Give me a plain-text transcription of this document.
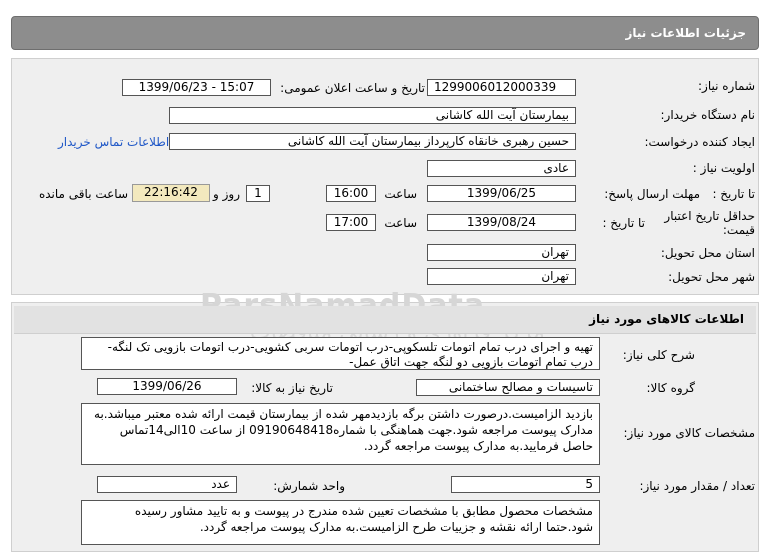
جزئیات اطلاعات نیاز
شماره نیاز:
1299006012000339
تاریخ و ساعت اعلان عمومی:
1399/06/23 - 15:07
نام دستگاه خریدار:
بیمارستان آیت الله کاشانی
ایجاد کننده درخواست:
حسین رهبری خانقاه کارپرداز بیمارستان آیت الله کاشانی
اطلاعات تماس خریدار
اولویت نیاز :
عادی
مهلت ارسال پاسخ: تا تاریخ :
1399/06/25
ساعت
16:00
1
روز و
22:16:42
ساعت باقی مانده
حداقل تاریخ اعتبار
قیمت:
تا تاریخ :
1399/08/24
ساعت
17:00
استان محل تحویل:
تهران
شهر محل تحویل:
تهران
اطلاعات کالاهای مورد نیاز
شرح کلی نیاز:
تهیه و اجرای درب تمام اتومات تلسکوپی-درب اتومات سربی کشویی-درب اتومات بازویی تک لنگه-درب تمام اتومات بازویی دو لنگه جهت اتاق عمل-
گروه کالا:
تاسیسات و مصالح ساختمانی
تاریخ نیاز به کالا:
1399/06/26
مشخصات کالای مورد نیاز:
بازدید الزامیست.درصورت داشتن برگه بازدیدمهر شده از بیمارستان قیمت ارائه شده معتبر میباشد.به مدارک پیوست مراجعه شود.جهت هماهنگی با شماره09190648418 از ساعت 10الی14تماس حاصل فرمایید.به مدارک پیوست مراجعه گردد.
تعداد / مقدار مورد نیاز:
5
واحد شمارش:
عدد
مشخصات محصول مطابق با مشخصات تعیین شده مندرج در پیوست و به تایید مشاور رسیده شود.حتما ارائه نقشه و جزییات طرح الزامیست.به مدارک پیوست مراجعه گردد.
